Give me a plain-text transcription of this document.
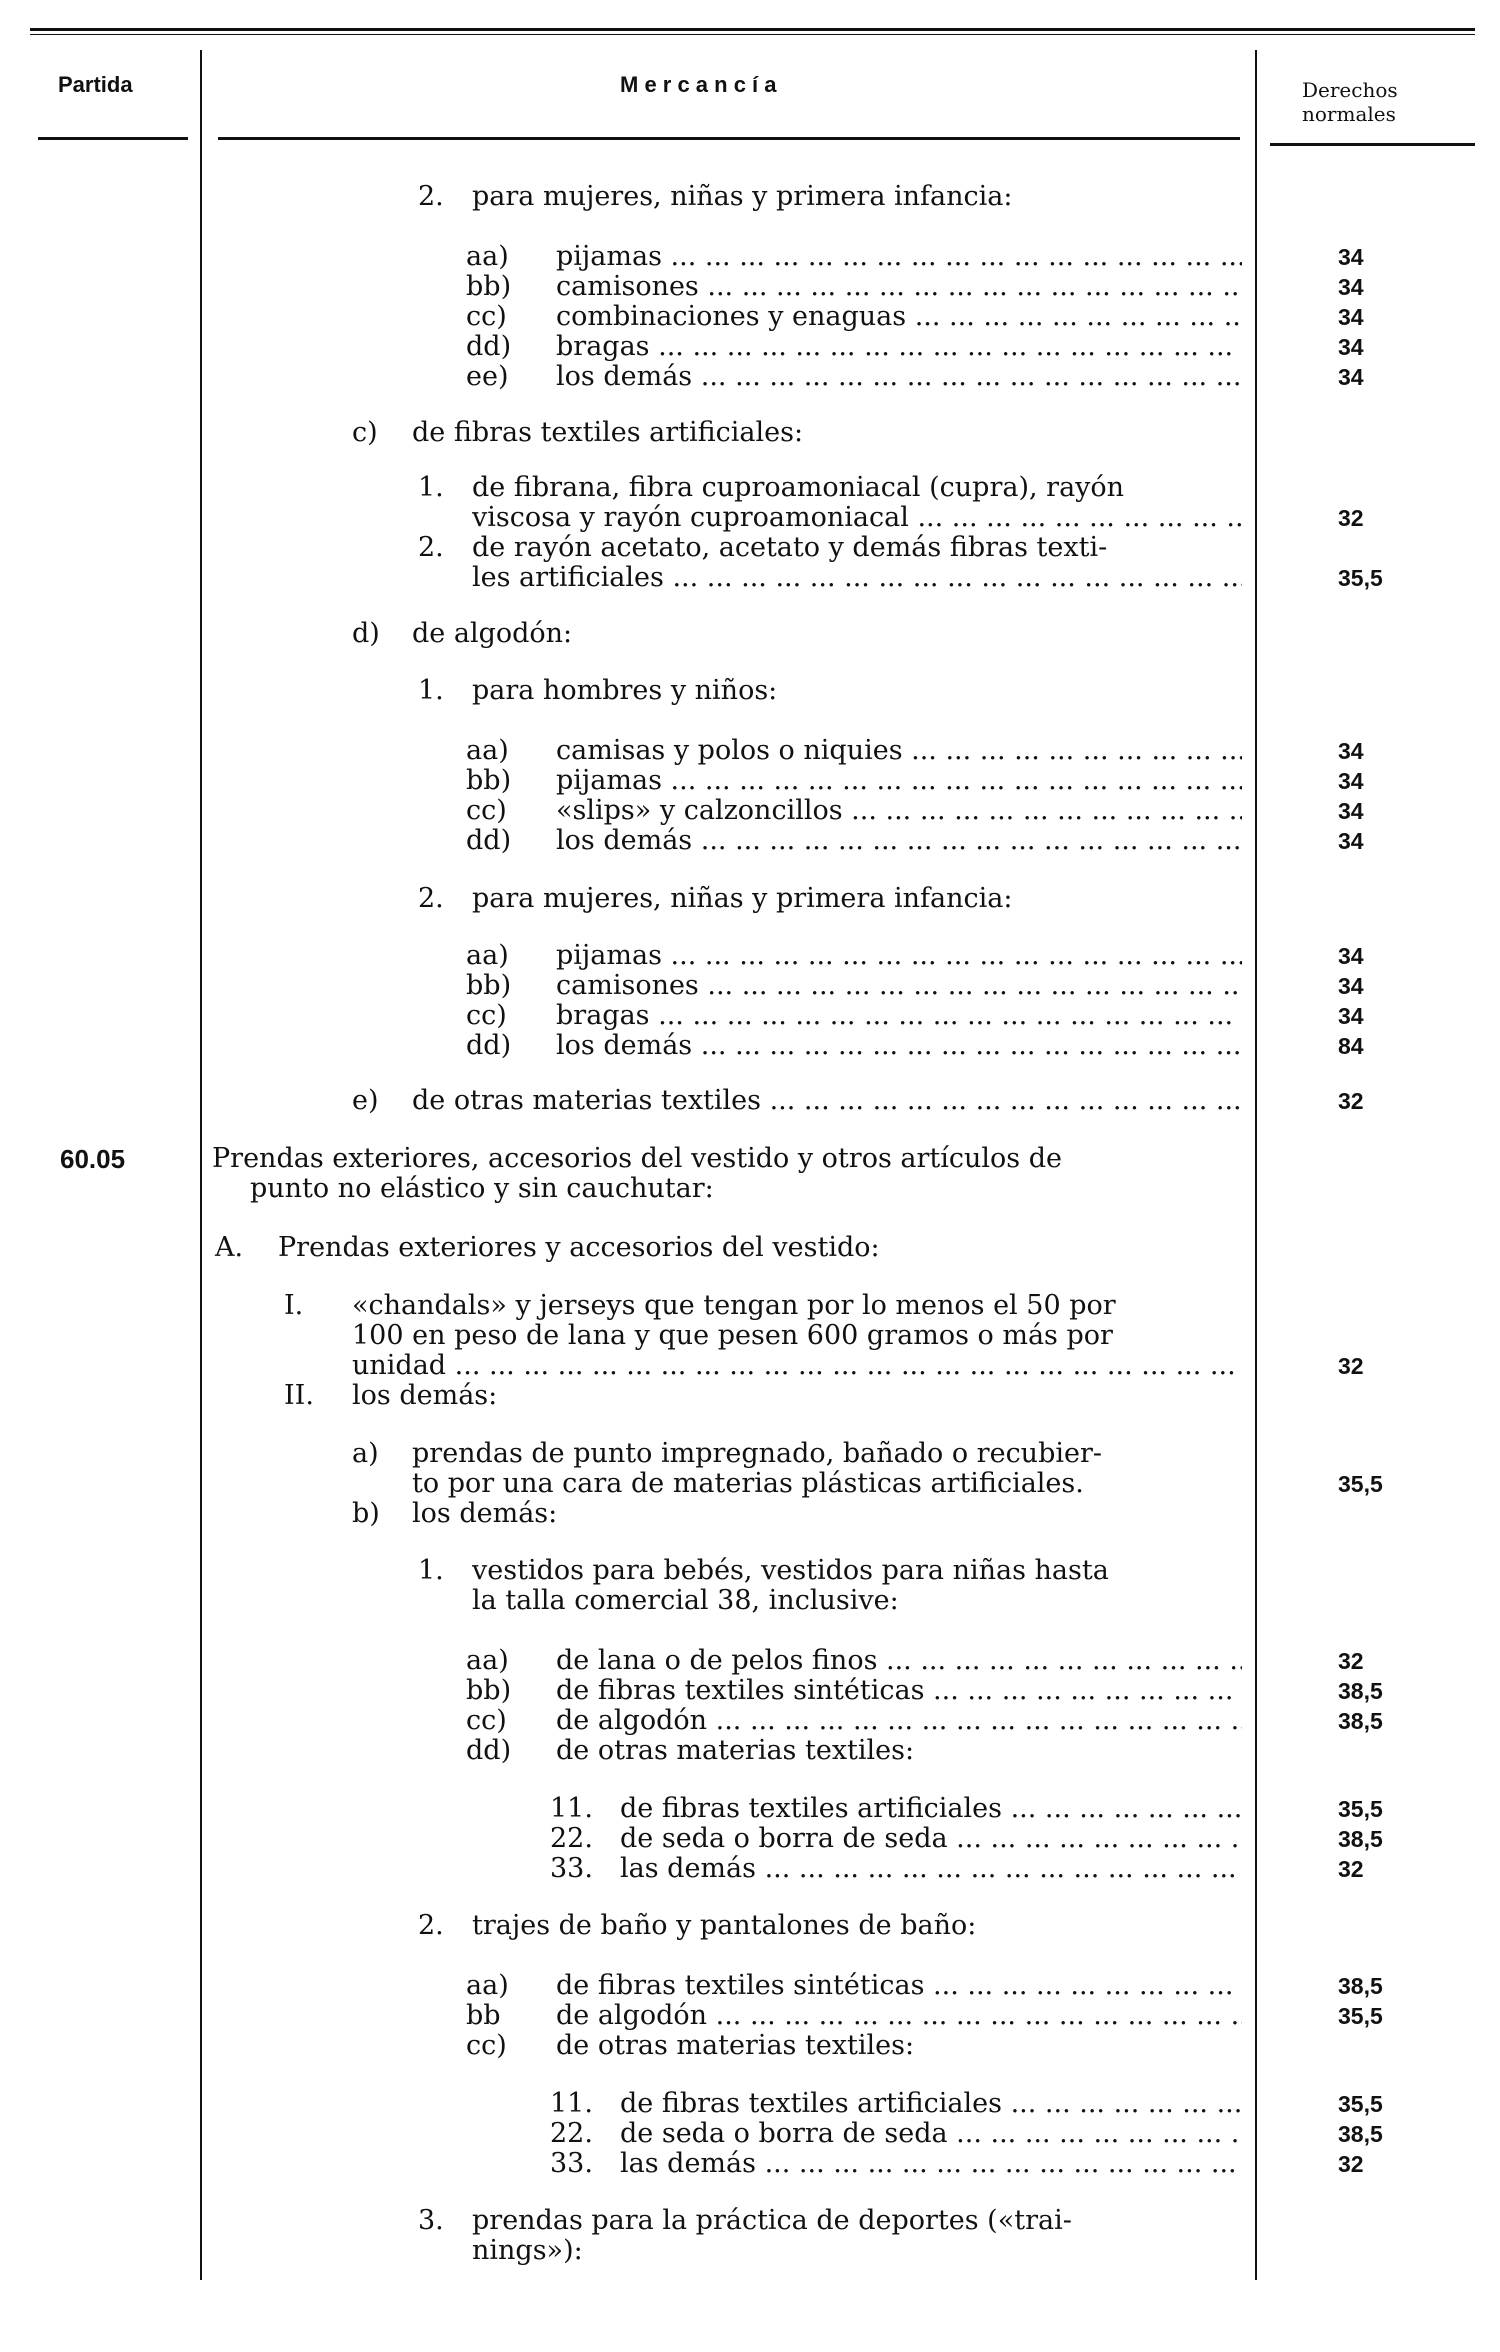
Partida	M e r c a n c í a	Derechos
normales
2. para mujeres, niñas y primera infancia:
aa) pijamas ... .	34
bb) camisones ... .	34
cc) combinaciones y enaguas ... .	34
dd) bragas ... .	34
ee) los demás ... .	34
c) de fibras textiles artificiales:
1. de fibrana, fibra cuproamoniacal (cupra), rayón
viscosa y rayón cuproamoniacal ... .	32
2. de rayón acetato, acetato y demás fibras texti-
les artificiales ... .	35,5
d) de algodón:
1. para hombres y niños:
aa) camisas y polos o niquies ... .	34
bb) pijamas ... .	34
cc) «slips» y calzoncillos ... .	34
dd) los demás ... .	34
2. para mujeres, niñas y primera infancia:
aa) pijamas ... .	34
bb) camisones ... .	34
cc) bragas ... .	34
dd) los demás ... .	84
e) de otras materias textiles ... .	32
60.05	Prendas exteriores, accesorios del vestido y otros artículos de
punto no elástico y sin cauchutar:
A. Prendas exteriores y accesorios del vestido:
I. «chandals» y jerseys que tengan por lo menos el 50 por
100 en peso de lana y que pesen 600 gramos o más por
unidad ... .	32
II. los demás:
a) prendas de punto impregnado, bañado o recubier-
to por una cara de materias plásticas artificiales.	35,5
b) los demás:
1. vestidos para bebés, vestidos para niñas hasta
la talla comercial 38, inclusive:
aa) de lana o de pelos finos ... .	32
bb) de fibras textiles sintéticas ... .	38,5
cc) de algodón ... .	38,5
dd) de otras materias textiles:
11. de fibras textiles artificiales ... .	35,5
22. de seda o borra de seda ... .	38,5
33. las demás ... .	32
2. trajes de baño y pantalones de baño:
aa) de fibras textiles sintéticas ... .	38,5
bb de algodón ... .	35,5
cc) de otras materias textiles:
11. de fibras textiles artificiales ... .	35,5
22. de seda o borra de seda ... .	38,5
33. las demás ... .	32
3. prendas para la práctica de deportes («trai-
nings»):
